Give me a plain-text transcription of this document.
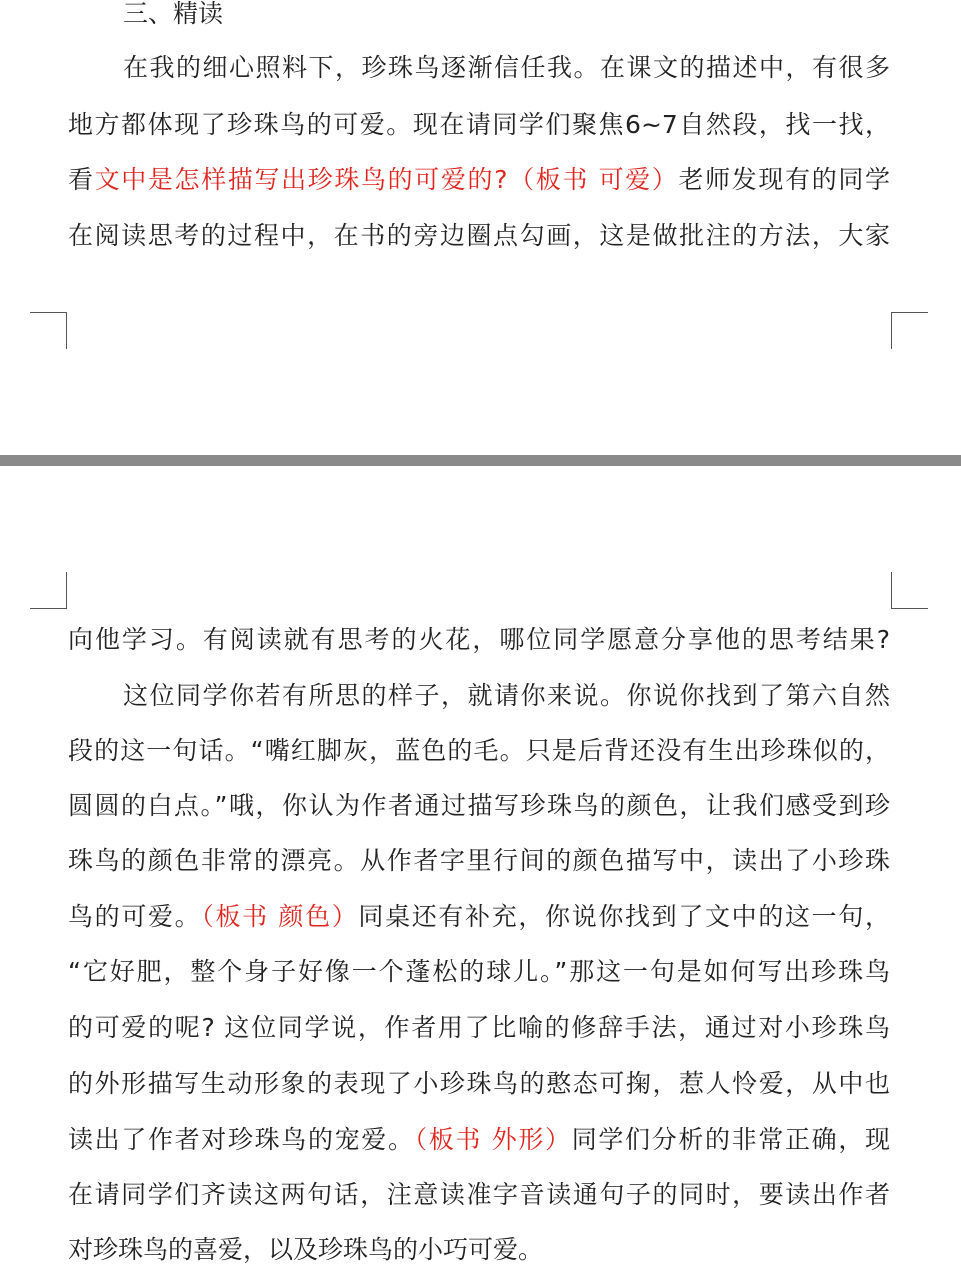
三、精读
在我的细心照料下，珍珠鸟逐渐信任我。在课文的描述中，有很多
地方都体现了珍珠鸟的可爱。现在请同学们聚焦6~7自然段，找一找，
看文中是怎样描写出珍珠鸟的可爱的?（板书 可爱）老师发现有的同学
在阅读思考的过程中，在书的旁边圈点勾画，这是做批注的方法，大家
向他学习。有阅读就有思考的火花，哪位同学愿意分享他的思考结果?
这位同学你若有所思的样子，就请你来说。你说你找到了第六自然
段的这一句话。“嘴红脚灰，蓝色的毛。只是后背还没有生出珍珠似的，
圆圆的白点。”哦，你认为作者通过描写珍珠鸟的颜色，让我们感受到珍
珠鸟的颜色非常的漂亮。从作者字里行间的颜色描写中，读出了小珍珠
鸟的可爱。（板书 颜色）同桌还有补充，你说你找到了文中的这一句，
“它好肥，整个身子好像一个蓬松的球儿。”那这一句是如何写出珍珠鸟
的可爱的呢? 这位同学说，作者用了比喻的修辞手法，通过对小珍珠鸟
的外形描写生动形象的表现了小珍珠鸟的憨态可掬，惹人怜爱，从中也
读出了作者对珍珠鸟的宠爱。（板书 外形）同学们分析的非常正确，现
在请同学们齐读这两句话，注意读准字音读通句子的同时，要读出作者
对珍珠鸟的喜爱，以及珍珠鸟的小巧可爱。
